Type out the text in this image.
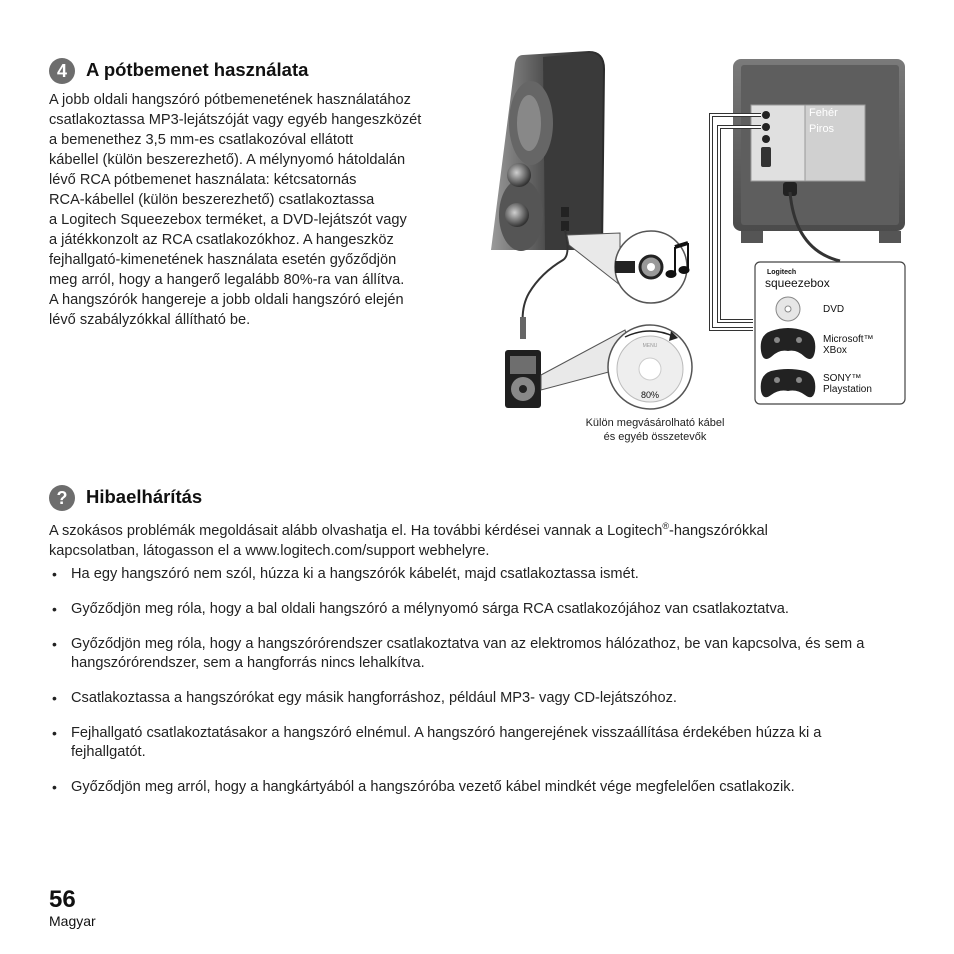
4	A pótbemenet használata
A jobb oldali hangszóró pótbemenetének használatához
csatlakoztassa MP3-lejátszóját vagy egyéb hangeszközét
a bemenethez 3,5 mm-es csatlakozóval ellátott
kábellel (külön beszerezhető). A mélynyomó hátoldalán
lévő RCA pótbemenet használata: kétcsatornás
RCA-kábellel (külön beszerezhető) csatlakoztassa
a Logitech Squeezebox terméket, a DVD-lejátszót vagy
a játékkonzolt az RCA csatlakozókhoz. A hangeszköz
fejhallgató-kimenetének használata esetén győződjön
meg arról, hogy a hangerő legalább 80%-ra van állítva.
A hangszórók hangereje a jobb oldali hangszóró elején
lévő szabályzókkal állítható be.
MENU
80%
Fehér
Piros
Logitech
squeezebox
DVD
Microsoft™
XBox
SONY™
Playstation
Külön megvásárolható kábel
és egyéb összetevők
?	Hibaelhárítás
A szokásos problémák megoldásait alább olvashatja el. Ha további kérdései vannak a Logitech®-hangszórókkal
kapcsolatban, látogasson el a www.logitech.com/support webhelyre.
• Ha egy hangszóró nem szól, húzza ki a hangszórók kábelét, majd csatlakoztassa ismét.
• Győződjön meg róla, hogy a bal oldali hangszóró a mélynyomó sárga RCA csatlakozójához van csatlakoztatva.
• Győződjön meg róla, hogy a hangszórórendszer csatlakoztatva van az elektromos hálózathoz, be van kapcsolva, és sem a hangszórórendszer, sem a hangforrás nincs lehalkítva.
• Csatlakoztassa a hangszórókat egy másik hangforráshoz, például MP3- vagy CD-lejátszóhoz.
• Fejhallgató csatlakoztatásakor a hangszóró elnémul. A hangszóró hangerejének visszaállítása érdekében húzza ki a fejhallgatót.
• Győződjön meg arról, hogy a hangkártyából a hangszóróba vezető kábel mindkét vége megfelelően csatlakozik.
56
Magyar
